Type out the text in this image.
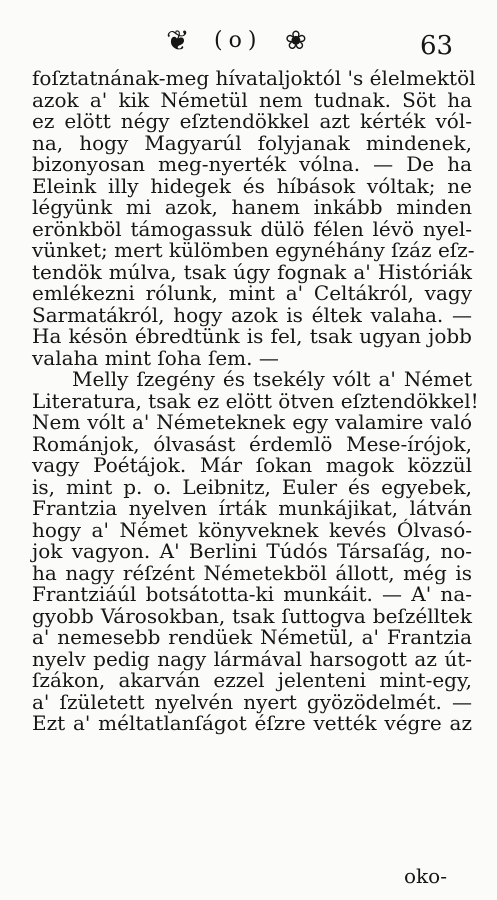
❦ (o) ❀	63
foſztatnának-meg hívataljoktól 's élelmektöl
azok a' kik Németül nem tudnak. Söt ha
ez elött négy eſztendökkel azt kérték vól-
na, hogy Magyarúl folyjanak mindenek,
bizonyosan meg-nyerték vólna. — De ha
Eleink illy hidegek és híbások vóltak; ne
légyünk mi azok, hanem inkább minden
erönkböl támogassuk dülö félen lévö nyel-
vünket; mert külömben egynéhány ſzáz eſz-
tendök múlva, tsak úgy fognak a' Históriák
emlékezni rólunk, mint a' Celtákról, vagy
Sarmatákról, hogy azok is éltek valaha. —
Ha késön ébredtünk is fel, tsak ugyan jobb
valaha mint ſoha ſem. —
Melly ſzegény és tsekély vólt a' Német
Literatura, tsak ez elött ötven eſztendökkel!
Nem vólt a' Németeknek egy valamire való
Románjok, ólvasást érdemlö Mese-írójok,
vagy Poétájok. Már ſokan magok közzül
is, mint p. o. Leibnitz, Euler és egyebek,
Frantzia nyelven írták munkájikat, látván
hogy a' Német könyveknek kevés Ólvasó-
jok vagyon. A' Berlini Túdós Társaſág, no-
ha nagy réſzént Németekböl állott, még is
Frantziáúl botsátotta-ki munkáit. — A' na-
gyobb Városokban, tsak ſuttogva beſzélltek
a' nemesebb rendüek Németül, a' Frantzia
nyelv pedig nagy lármával harsogott az út-
ſzákon, akarván ezzel jelenteni mint-egy,
a' ſzületett nyelvén nyert gyözödelmét. —
Ezt a' méltatlanſágot éſzre vették végre az
oko-
